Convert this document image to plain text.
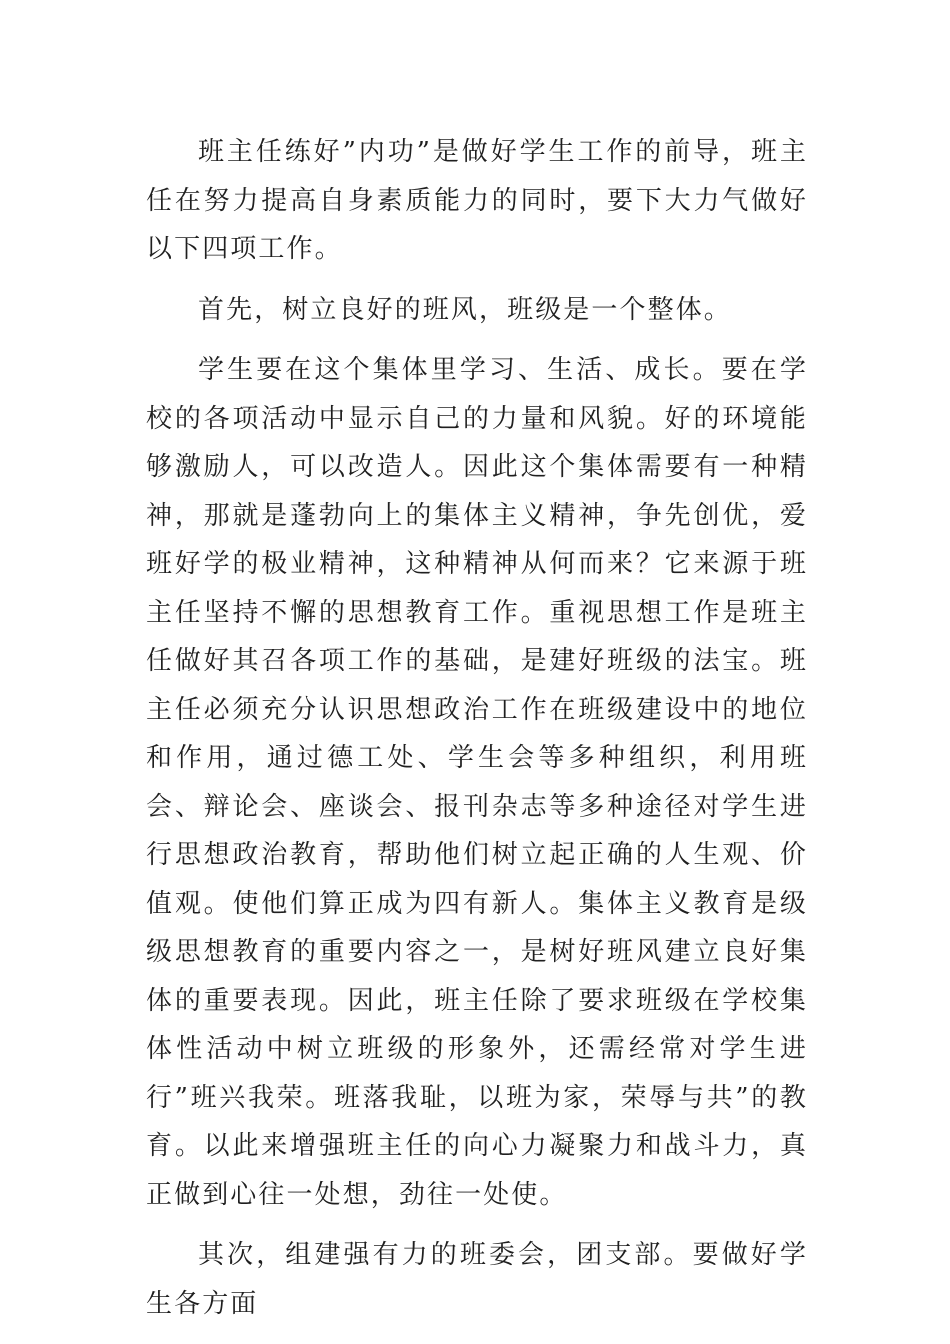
班主任练好”内功”是做好学生工作的前导，班主任在努力提高自身素质能力的同时，要下大力气做好以下四项工作。

首先，树立良好的班风，班级是一个整体。

学生要在这个集体里学习、生活、成长。要在学校的各项活动中显示自己的力量和风貌。好的环境能够激励人，可以改造人。因此这个集体需要有一种精神，那就是蓬勃向上的集体主义精神，争先创优，爱班好学的极业精神，这种精神从何而来？它来源于班主任坚持不懈的思想教育工作。重视思想工作是班主任做好其召各项工作的基础，是建好班级的法宝。班主任必须充分认识思想政治工作在班级建设中的地位和作用，通过德工处、学生会等多种组织，利用班会、辩论会、座谈会、报刊杂志等多种途径对学生进行思想政治教育，帮助他们树立起正确的人生观、价值观。使他们算正成为四有新人。集体主义教育是级级思想教育的重要内容之一，是树好班风建立良好集体的重要表现。因此，班主任除了要求班级在学校集体性活动中树立班级的形象外，还需经常对学生进行”班兴我荣。班落我耻，以班为家，荣辱与共”的教育。以此来增强班主任的向心力凝聚力和战斗力，真正做到心往一处想，劲往一处使。

其次，组建强有力的班委会，团支部。要做好学生各方面
